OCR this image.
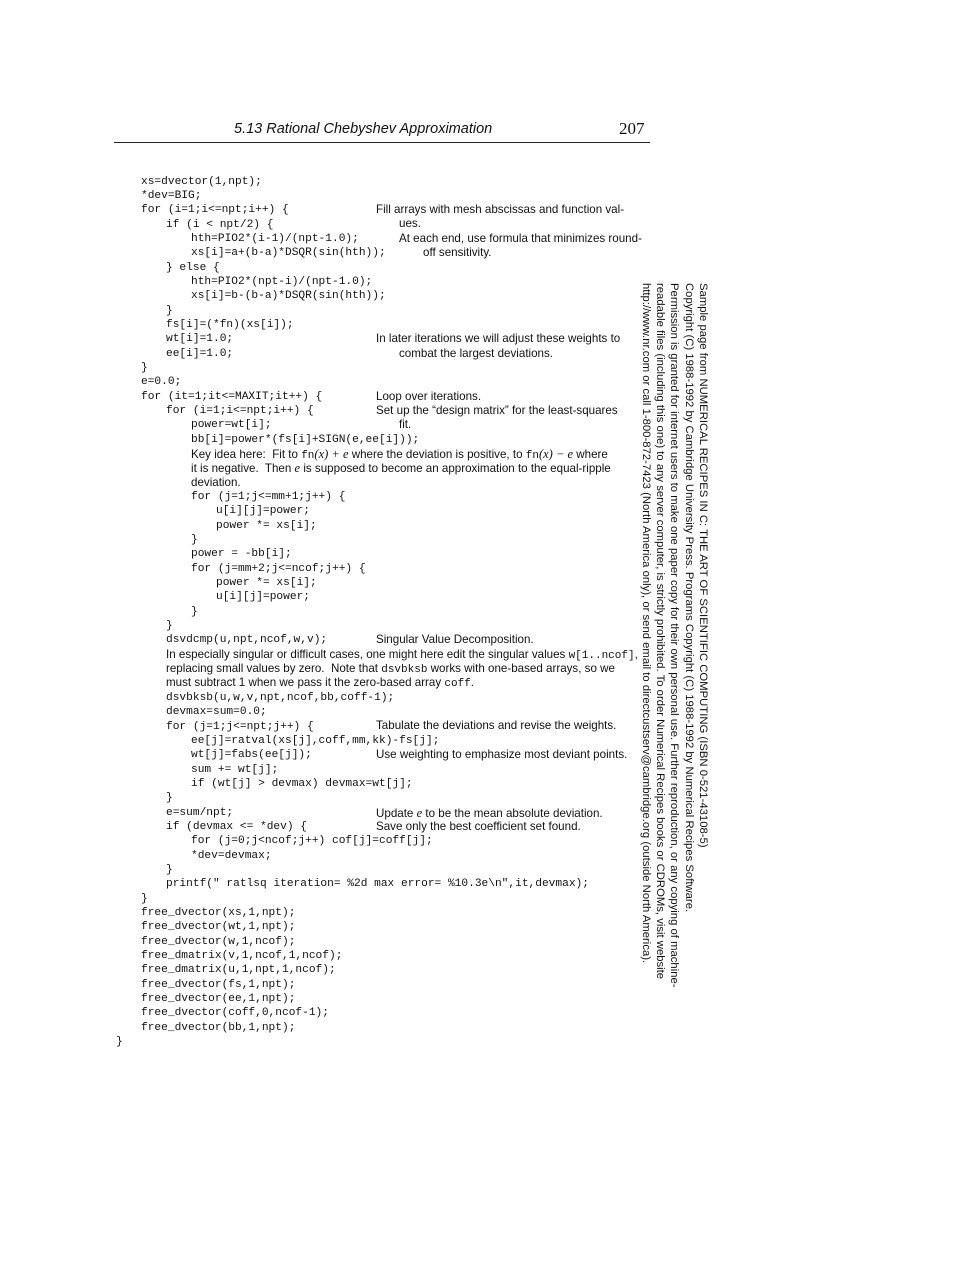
5.13 Rational Chebyshev Approximation	207
xs=dvector(1,npt);
*dev=BIG;
for (i=1;i<=npt;i++) {
if (i < npt/2) {
hth=PIO2*(i-1)/(npt-1.0);
xs[i]=a+(b-a)*DSQR(sin(hth));
} else {
hth=PIO2*(npt-i)/(npt-1.0);
xs[i]=b-(b-a)*DSQR(sin(hth));
}
fs[i]=(*fn)(xs[i]);
wt[i]=1.0;
ee[i]=1.0;
}
e=0.0;
for (it=1;it<=MAXIT;it++) {
for (i=1;i<=npt;i++) {
power=wt[i];
bb[i]=power*(fs[i]+SIGN(e,ee[i]));
for (j=1;j<=mm+1;j++) {
u[i][j]=power;
power *= xs[i];
}
power = -bb[i];
for (j=mm+2;j<=ncof;j++) {
power *= xs[i];
u[i][j]=power;
}
}
dsvdcmp(u,npt,ncof,w,v);
dsvbksb(u,w,v,npt,ncof,bb,coff-1);
devmax=sum=0.0;
for (j=1;j<=npt;j++) {
ee[j]=ratval(xs[j],coff,mm,kk)-fs[j];
wt[j]=fabs(ee[j]);
sum += wt[j];
if (wt[j] > devmax) devmax=wt[j];
}
e=sum/npt;
if (devmax <= *dev) {
for (j=0;j<ncof;j++) cof[j]=coff[j];
*dev=devmax;
}
printf(" ratlsq iteration= %2d max error= %10.3e\n",it,devmax);
}
free_dvector(xs,1,npt);
free_dvector(wt,1,npt);
free_dvector(w,1,ncof);
free_dmatrix(v,1,ncof,1,ncof);
free_dmatrix(u,1,npt,1,ncof);
free_dvector(fs,1,npt);
free_dvector(ee,1,npt);
free_dvector(coff,0,ncof-1);
free_dvector(bb,1,npt);
}
Fill arrays with mesh abscissas and function val-
ues.
At each end, use formula that minimizes round-
off sensitivity.
In later iterations we will adjust these weights to
combat the largest deviations.
Loop over iterations.
Set up the “design matrix” for the least-squares
fit.
Key idea here:  Fit to fn(x) + e where the deviation is positive, to fn(x) − e where
it is negative.  Then e is supposed to become an approximation to the equal-ripple
deviation.
Singular Value Decomposition.
In especially singular or difficult cases, one might here edit the singular values w[1..ncof],
replacing small values by zero.  Note that dsvbksb works with one-based arrays, so we
must subtract 1 when we pass it the zero-based array coff.
Tabulate the deviations and revise the weights.
Use weighting to emphasize most deviant points.
Update e to be the mean absolute deviation.
Save only the best coefficient set found.	Sample page from NUMERICAL RECIPES IN C: THE ART OF SCIENTIFIC COMPUTING (ISBN 0-521-43108-5)
Copyright (C) 1988-1992 by Cambridge University Press. Programs Copyright (C) 1988-1992 by Numerical Recipes Software.
Permission is granted for internet users to make one paper copy for their own personal use. Further reproduction, or any copying of machine-
readable files (including this one) to any server computer, is strictly prohibited. To order Numerical Recipes books or CDROMs, visit website
http://www.nr.com or call 1-800-872-7423 (North America only), or send email to directcustserv@cambridge.org (outside North America).
